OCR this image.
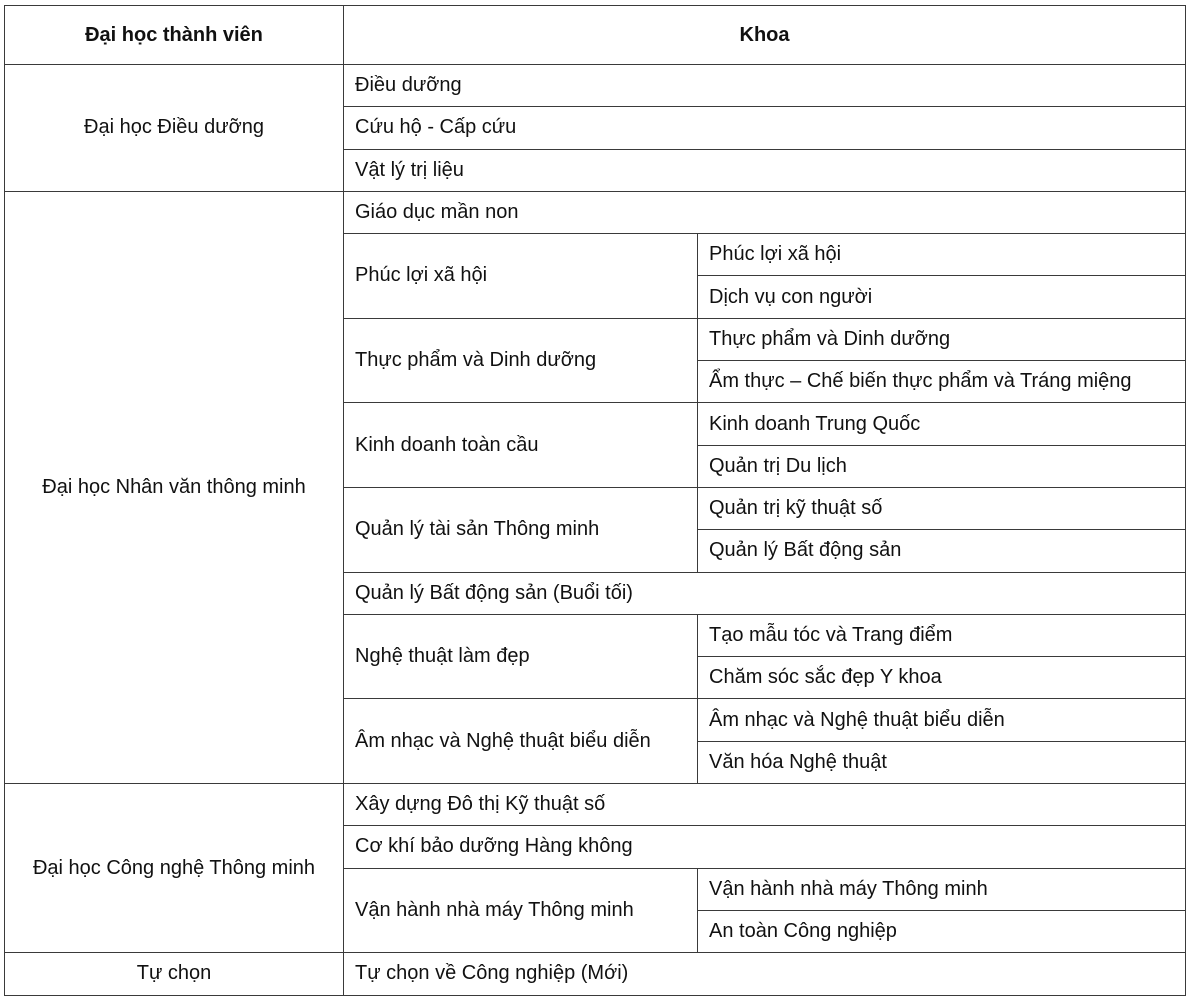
Đại học thành viên	Khoa	
Đại học Điều dưỡng	Điều dưỡng	
	Cứu hộ - Cấp cứu	
	Vật lý trị liệu	
Đại học Nhân văn thông minh	Giáo dục mần non	
	Phúc lợi xã hội	Phúc lợi xã hội
		Dịch vụ con người
	Thực phẩm và Dinh dưỡng	Thực phẩm và Dinh dưỡng
		Ẩm thực – Chế biến thực phẩm và Tráng miệng
	Kinh doanh toàn cầu	Kinh doanh Trung Quốc
		Quản trị Du lịch
	Quản lý tài sản Thông minh	Quản trị kỹ thuật số
		Quản lý Bất động sản
	Quản lý Bất động sản (Buổi tối)	
	Nghệ thuật làm đẹp	Tạo mẫu tóc và Trang điểm
		Chăm sóc sắc đẹp Y khoa
	Âm nhạc và Nghệ thuật biểu diễn	Âm nhạc và Nghệ thuật biểu diễn
		Văn hóa Nghệ thuật
Đại học Công nghệ Thông minh	Xây dựng Đô thị Kỹ thuật số	
	Cơ khí bảo dưỡng Hàng không	
	Vận hành nhà máy Thông minh	Vận hành nhà máy Thông minh
		An toàn Công nghiệp
Tự chọn	Tự chọn về Công nghiệp (Mới)	
